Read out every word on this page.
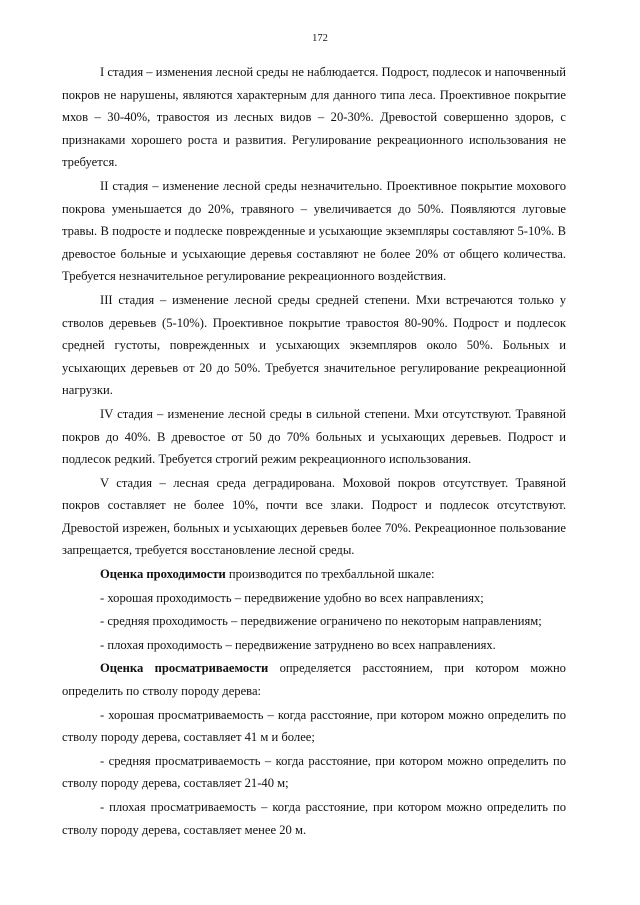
172

I стадия – изменения лесной среды не наблюдается. Подрост, подлесок и напочвенный покров не нарушены, являются характерным для данного типа леса. Проективное покрытие мхов – 30-40%, травостоя из лесных видов – 20-30%. Древостой совершенно здоров, с признаками хорошего роста и развития. Регулирование рекреационного использования не требуется.

II стадия – изменение лесной среды незначительно. Проективное покрытие мохового покрова уменьшается до 20%, травяного – увеличивается до 50%. Появляются луговые травы. В подросте и подлеске поврежденные и усыхающие экземпляры составляют 5-10%. В древостое больные и усыхающие деревья составляют не более 20% от общего количества. Требуется незначительное регулирование рекреационного воздействия.

III стадия – изменение лесной среды средней степени. Мхи встречаются только у стволов деревьев (5-10%). Проективное покрытие травостоя 80-90%. Подрост и подлесок средней густоты, поврежденных и усыхающих экземпляров около 50%. Больных и усыхающих деревьев от 20 до 50%. Требуется значительное регулирование рекреационной нагрузки.

IV стадия – изменение лесной среды в сильной степени. Мхи отсутствуют. Травяной покров до 40%. В древостое от 50 до 70% больных и усыхающих деревьев. Подрост и подлесок редкий. Требуется строгий режим рекреационного использования.

V стадия – лесная среда деградирована. Моховой покров отсутствует. Травяной покров составляет не более 10%, почти все злаки. Подрост и подлесок отсутствуют. Древостой изрежен, больных и усыхающих деревьев более 70%. Рекреационное пользование запрещается, требуется восстановление лесной среды.

Оценка проходимости производится по трехбалльной шкале:

- хорошая проходимость – передвижение удобно во всех направлениях;

- средняя проходимость – передвижение ограничено по некоторым направлениям;

- плохая проходимость – передвижение затруднено во всех направлениях.

Оценка просматриваемости определяется расстоянием, при котором можно определить по стволу породу дерева:

- хорошая просматриваемость – когда расстояние, при котором можно определить по стволу породу дерева, составляет 41 м и более;

- средняя просматриваемость – когда расстояние, при котором можно определить по стволу породу дерева, составляет 21-40 м;

- плохая просматриваемость – когда расстояние, при котором можно определить по стволу породу дерева, составляет менее 20 м.
